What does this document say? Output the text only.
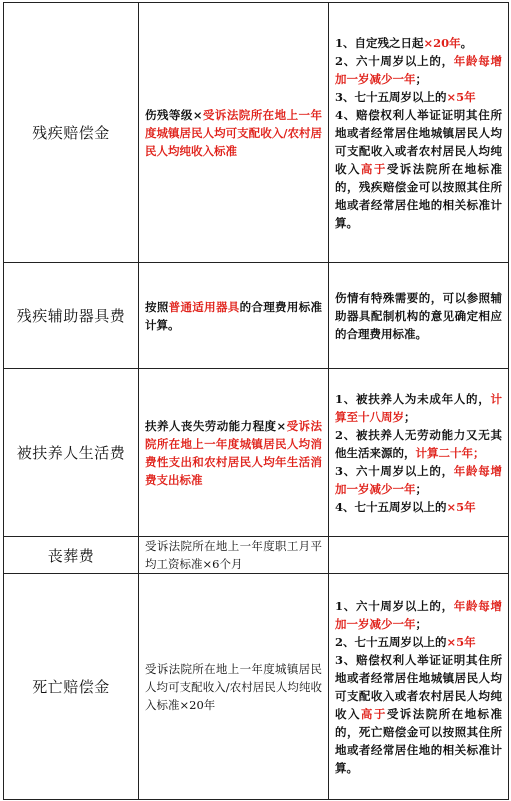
残疾赔偿金	伤残等级×受诉法院所在地上一年度城镇居民人均可支配收入/农村居民人均纯收入标准	1、自定残之日起×20年。
2、六十周岁以上的，年龄每增加一岁减少一年；
3、七十五周岁以上的×5年
4、赔偿权利人举证证明其住所地或者经常居住地城镇居民人均可支配收入或者农村居民人均纯收入高于受诉法院所在地标准的，残疾赔偿金可以按照其住所地或者经常居住地的相关标准计算。

残疾辅助器具费	按照普通适用器具的合理费用标准计算。	伤情有特殊需要的，可以参照辅助器具配制机构的意见确定相应的合理费用标准。

被扶养人生活费	扶养人丧失劳动能力程度×受诉法院所在地上一年度城镇居民人均消费性支出和农村居民人均年生活消费支出标准	1、被扶养人为未成年人的，计算至十八周岁；
2、被扶养人无劳动能力又无其他生活来源的，计算二十年；
3、六十周岁以上的，年龄每增加一岁减少一年；
4、七十五周岁以上的×5年

丧葬费	受诉法院所在地上一年度职工月平均工资标准×6个月	
死亡赔偿金	受诉法院所在地上一年度城镇居民人均可支配收入/农村居民人均纯收入标准×20年	1、六十周岁以上的，年龄每增加一岁减少一年；
2、七十五周岁以上的×5年
3、赔偿权利人举证证明其住所地或者经常居住地城镇居民人均可支配收入或者农村居民人均纯收入高于受诉法院所在地标准的，死亡赔偿金可以按照其住所地或者经常居住地的相关标准计算。
